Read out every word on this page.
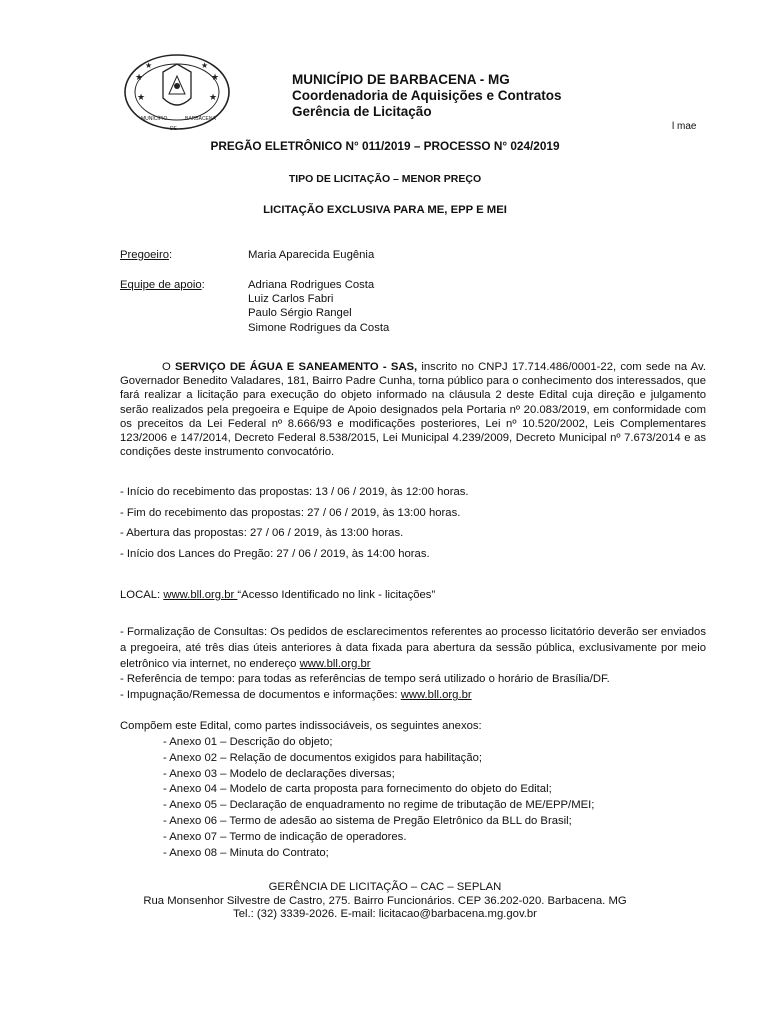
★
★
★
★
★	★
MUNICÍPIO
DE
BARBACENA
MUNICÍPIO DE BARBACENA - MG
Coordenadoria de Aquisições e Contratos
Gerência de Licitação
l mae
PREGÃO ELETRÔNICO N° 011/2019 – PROCESSO N° 024/2019
TIPO DE LICITAÇÃO – MENOR PREÇO
LICITAÇÃO EXCLUSIVA PARA ME, EPP E MEI
Pregoeiro:	Maria Aparecida Eugênia
Equipe de apoio:	Adriana Rodrigues Costa
Luiz Carlos Fabri
Paulo Sérgio Rangel
Simone Rodrigues da Costa

O SERVIÇO DE ÁGUA E SANEAMENTO - SAS, inscrito no CNPJ 17.714.486/0001-22, com sede na Av. Governador Benedito Valadares, 181, Bairro Padre Cunha, torna público para o conhecimento dos interessados, que fará realizar a licitação para execução do objeto informado na cláusula 2 deste Edital cuja direção e julgamento serão realizados pela pregoeira e Equipe de Apoio designados pela Portaria nº 20.083/2019, em conformidade com os preceitos da Lei Federal nº 8.666/93 e modificações posteriores, Lei nº 10.520/2002, Leis Complementares 123/2006 e 147/2014, Decreto Federal 8.538/2015, Lei Municipal 4.239/2009, Decreto Municipal nº 7.673/2014 e as condições deste instrumento convocatório.

- Início do recebimento das propostas: 13 / 06 / 2019, às 12:00 horas.
- Fim do recebimento das propostas: 27 / 06 / 2019, às 13:00 horas.
- Abertura das propostas: 27 / 06 / 2019, às 13:00 horas.
- Início dos Lances do Pregão: 27 / 06 / 2019, às 14:00 horas.
LOCAL: www.bll.org.br “Acesso Identificado no link - licitações”

- Formalização de Consultas: Os pedidos de esclarecimentos referentes ao processo licitatório deverão ser enviados a pregoeira, até três dias úteis anteriores à data fixada para abertura da sessão pública, exclusivamente por meio eletrônico via internet, no endereço www.bll.org.br

- Referência de tempo: para todas as referências de tempo será utilizado o horário de Brasília/DF.

- Impugnação/Remessa de documentos e informações: www.bll.org.br

Compõem este Edital, como partes indissociáveis, os seguintes anexos:
- Anexo 01 – Descrição do objeto;
- Anexo 02 – Relação de documentos exigidos para habilitação;
- Anexo 03 – Modelo de declarações diversas;
- Anexo 04 – Modelo de carta proposta para fornecimento do objeto do Edital;
- Anexo 05 – Declaração de enquadramento no regime de tributação de ME/EPP/MEI;
- Anexo 06 – Termo de adesão ao sistema de Pregão Eletrônico da BLL do Brasil;
- Anexo 07 – Termo de indicação de operadores.
- Anexo 08 – Minuta do Contrato;
GERÊNCIA DE LICITAÇÃO – CAC – SEPLAN
Rua Monsenhor Silvestre de Castro, 275. Bairro Funcionários. CEP 36.202-020. Barbacena. MG
Tel.: (32) 3339-2026. E-mail: licitacao@barbacena.mg.gov.br
